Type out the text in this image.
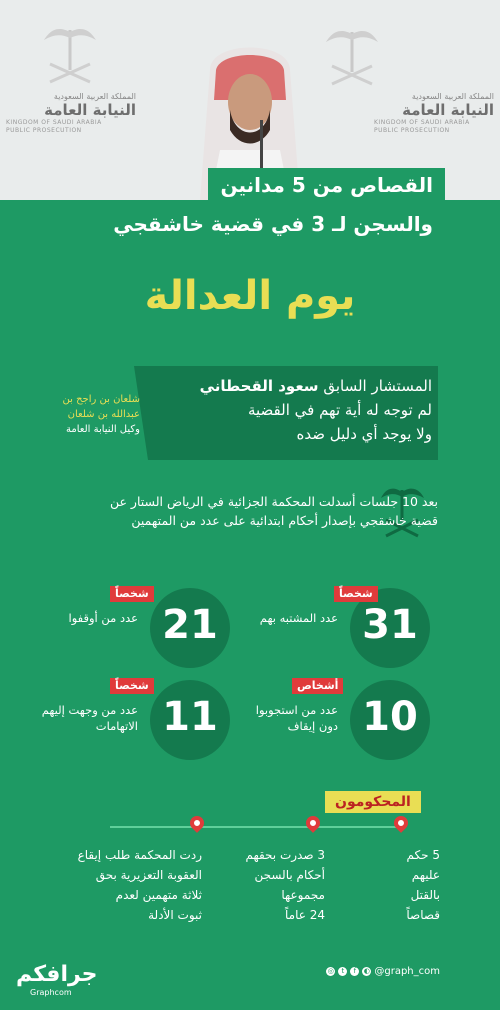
المملكة العربية السعودية
النيابة العامة
KINGDOM OF SAUDI ARABIA
PUBLIC PROSECUTION
المملكة العربية السعودية
النيابة العامة
KINGDOM OF SAUDI ARABIA
PUBLIC PROSECUTION
القصاص من 5 مدانين
والسجن لـ 3 في قضية خاشقجي
يوم العدالة
المستشار السابق سعود القحطاني
لم توجه له أية تهم في القضية
ولا يوجد أي دليل ضده
شلعان بن راجح بن عبدالله بن شلعان
وكيل النيابة العامة
بعد 10 جلسات أسدلت المحكمة الجزائية في الرياض الستار عن قضية خاشقجي بإصدار أحكام ابتدائية على عدد من المتهمين
31
شخصاً
عدد المشتبه بهم
21
شخصاً
عدد من أوقفوا
10
أشخاص
عدد من استجوبوا دون إيقاف
11
شخصاً
عدد من وجهت إليهم الاتهامات
المحكومون
5 حكم
عليهم
بالقتل
قصاصاً
3 صدرت بحقهم
أحكام بالسجن
مجموعها
24 عاماً
ردت المحكمة طلب إيقاع
العقوبة التعزيرية بحق
ثلاثة متهمين لعدم
ثبوت الأدلة
جرافكم
Graphcom
◎	t	f	◐ @graph_com
